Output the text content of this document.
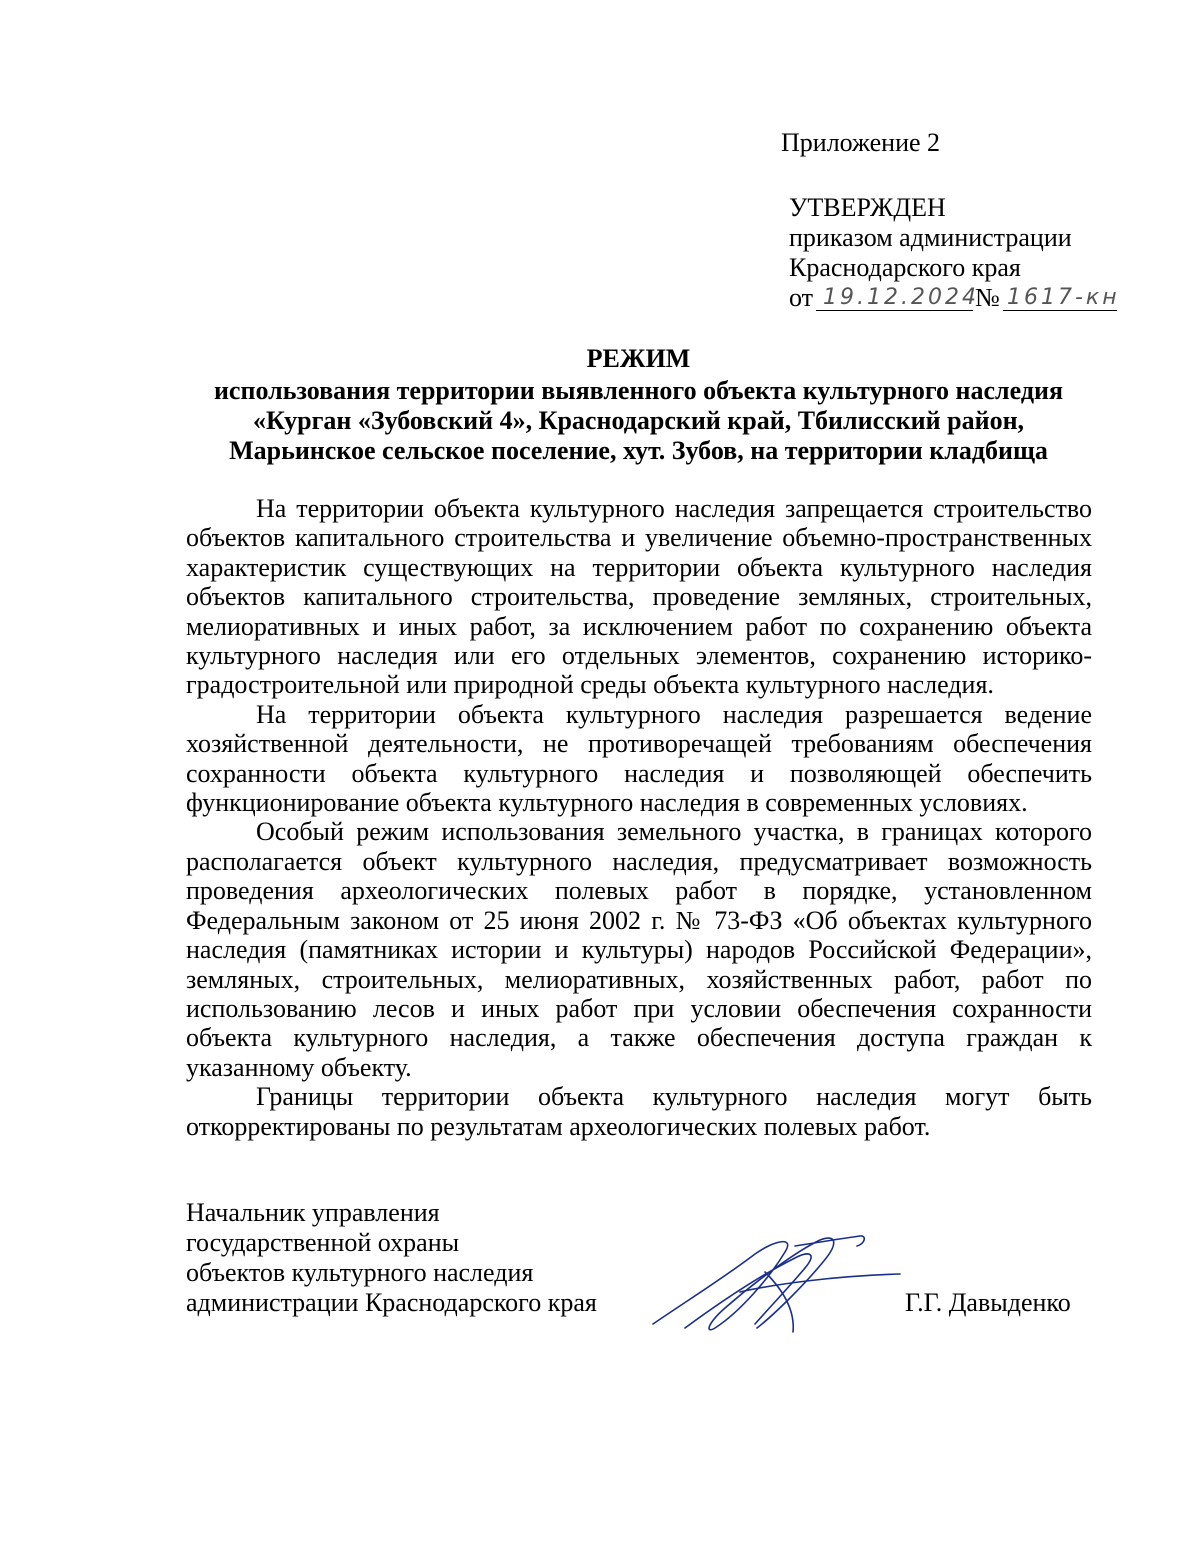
Приложение 2
УТВЕРЖДЕН
приказом администрации
Краснодарского края
от 19.12.2024
№ 1617-кн
РЕЖИМ
использования территории выявленного объекта культурного наследия
«Курган «Зубовский 4», Краснодарский край, Тбилисский район,
Марьинское сельское поселение, хут. Зубов, на территории кладбища

На территории объекта культурного наследия запрещается строительство объектов капитального строительства и увеличение объемно-пространственных характеристик существующих на территории объекта культурного наследия объектов капитального строительства, проведение земляных, строительных, мелиоративных и иных работ, за исключением работ по сохранению объекта культурного наследия или его отдельных элементов, сохранению историко-градостроительной или природной среды объекта культурного наследия.

На территории объекта культурного наследия разрешается ведение хозяйственной деятельности, не противоречащей требованиям обеспечения сохранности объекта культурного наследия и позволяющей обеспечить функционирование объекта культурного наследия в современных условиях.

Особый режим использования земельного участка, в границах которого располагается объект культурного наследия, предусматривает возможность проведения археологических полевых работ в порядке, установленном Федеральным законом от 25 июня 2002 г. № 73-ФЗ «Об объектах культурного наследия (памятниках истории и культуры) народов Российской Федерации», земляных, строительных, мелиоративных, хозяйственных работ, работ по использованию лесов и иных работ при условии обеспечения сохранности объекта культурного наследия, а также обеспечения доступа граждан к указанному объекту.

Границы территории объекта культурного наследия могут быть откорректированы по результатам археологических полевых работ.

Начальник управления
государственной охраны
объектов культурного наследия
администрации Краснодарского края	Г.Г. Давыденко
